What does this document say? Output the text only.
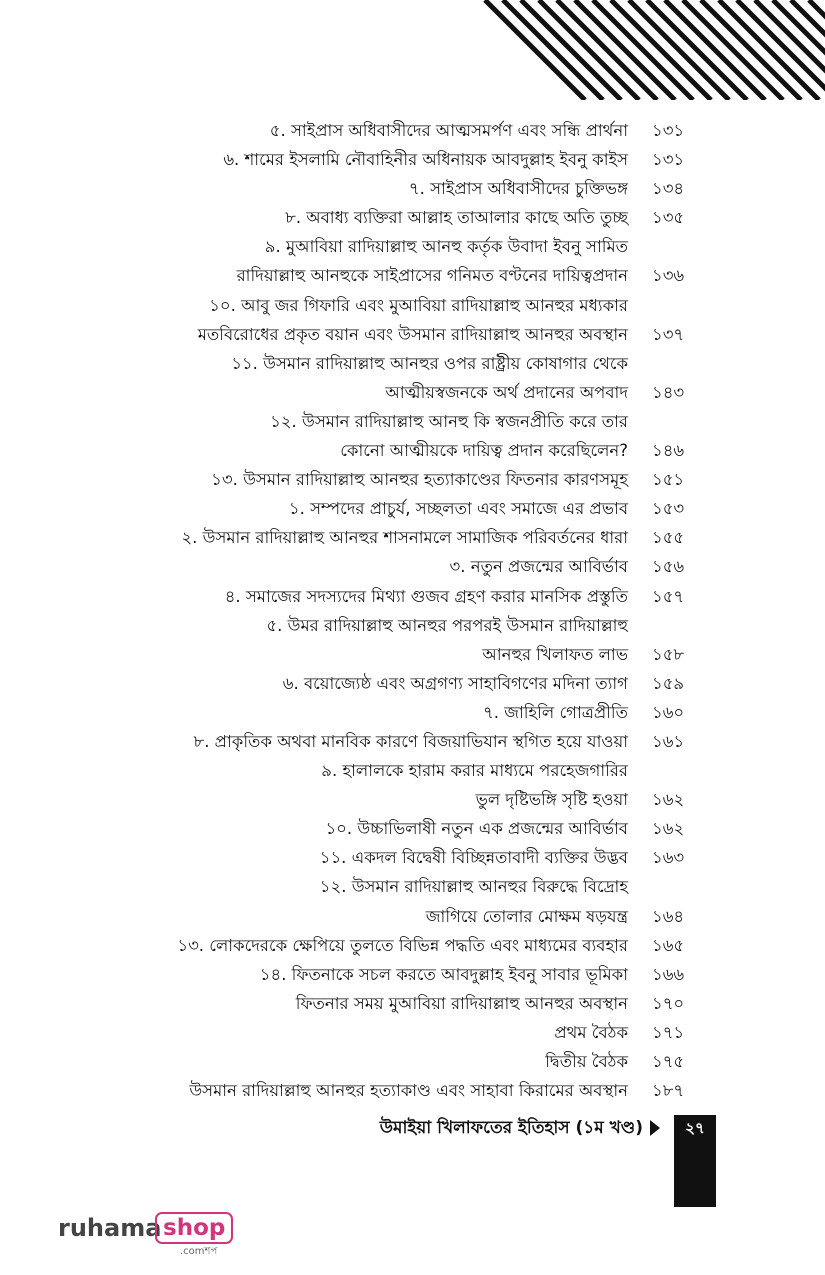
৫. সাইপ্রাস অধিবাসীদের আত্মসমর্পণ এবং সন্ধি প্রার্থনা ১৩১
৬. শামের ইসলামি নৌবাহিনীর অধিনায়ক আবদুল্লাহ ইবনু কাইস ১৩১
৭. সাইপ্রাস অধিবাসীদের চুক্তিভঙ্গ ১৩৪
৮. অবাধ্য ব্যক্তিরা আল্লাহ তাআলার কাছে অতি তুচ্ছ ১৩৫
৯. মুআবিয়া রাদিয়াল্লাহু আনহু কর্তৃক উবাদা ইবনু সামিত
রাদিয়াল্লাহু আনহুকে সাইপ্রাসের গনিমত বণ্টনের দায়িত্বপ্রদান ১৩৬
১০. আবু জর গিফারি এবং মুআবিয়া রাদিয়াল্লাহু আনহুর মধ্যকার
মতবিরোধের প্রকৃত বয়ান এবং উসমান রাদিয়াল্লাহু আনহুর অবস্থান ১৩৭
১১. উসমান রাদিয়াল্লাহু আনহুর ওপর রাষ্ট্রীয় কোষাগার থেকে
আত্মীয়স্বজনকে অর্থ প্রদানের অপবাদ ১৪৩
১২. উসমান রাদিয়াল্লাহু আনহু কি স্বজনপ্রীতি করে তার
কোনো আত্মীয়কে দায়িত্ব প্রদান করেছিলেন? ১৪৬
১৩. উসমান রাদিয়াল্লাহু আনহুর হত্যাকাণ্ডের ফিতনার কারণসমূহ ১৫১
১. সম্পদের প্রাচুর্য, সচ্ছলতা এবং সমাজে এর প্রভাব ১৫৩
২. উসমান রাদিয়াল্লাহু আনহুর শাসনামলে সামাজিক পরিবর্তনের ধারা ১৫৫
৩. নতুন প্রজন্মের আবির্ভাব ১৫৬
৪. সমাজের সদস্যদের মিথ্যা গুজব গ্রহণ করার মানসিক প্রস্তুতি ১৫৭
৫. উমর রাদিয়াল্লাহু আনহুর পরপরই উসমান রাদিয়াল্লাহু
আনহুর খিলাফত লাভ ১৫৮
৬. বয়োজ্যেষ্ঠ এবং অগ্রগণ্য সাহাবিগণের মদিনা ত্যাগ ১৫৯
৭. জাহিলি গোত্রপ্রীতি ১৬০
৮. প্রাকৃতিক অথবা মানবিক কারণে বিজয়াভিযান স্থগিত হয়ে যাওয়া ১৬১
৯. হালালকে হারাম করার মাধ্যমে পরহেজগারির
ভুল দৃষ্টিভঙ্গি সৃষ্টি হওয়া ১৬২
১০. উচ্চাভিলাষী নতুন এক প্রজন্মের আবির্ভাব ১৬২
১১. একদল বিদ্বেষী বিচ্ছিন্নতাবাদী ব্যক্তির উদ্ভব ১৬৩
১২. উসমান রাদিয়াল্লাহু আনহুর বিরুদ্ধে বিদ্রোহ
জাগিয়ে তোলার মোক্ষম ষড়যন্ত্র ১৬৪
১৩. লোকদেরকে ক্ষেপিয়ে তুলতে বিভিন্ন পদ্ধতি এবং মাধ্যমের ব্যবহার ১৬৫
১৪. ফিতনাকে সচল করতে আবদুল্লাহ ইবনু সাবার ভূমিকা ১৬৬
ফিতনার সময় মুআবিয়া রাদিয়াল্লাহু আনহুর অবস্থান ১৭০
প্রথম বৈঠক ১৭১
দ্বিতীয় বৈঠক ১৭৫
উসমান রাদিয়াল্লাহু আনহুর হত্যাকাণ্ড এবং সাহাবা কিরামের অবস্থান ১৮৭
উমাইয়া খিলাফতের ইতিহাস (১ম খণ্ড)	২৭
ruhama shop
.comশপ
